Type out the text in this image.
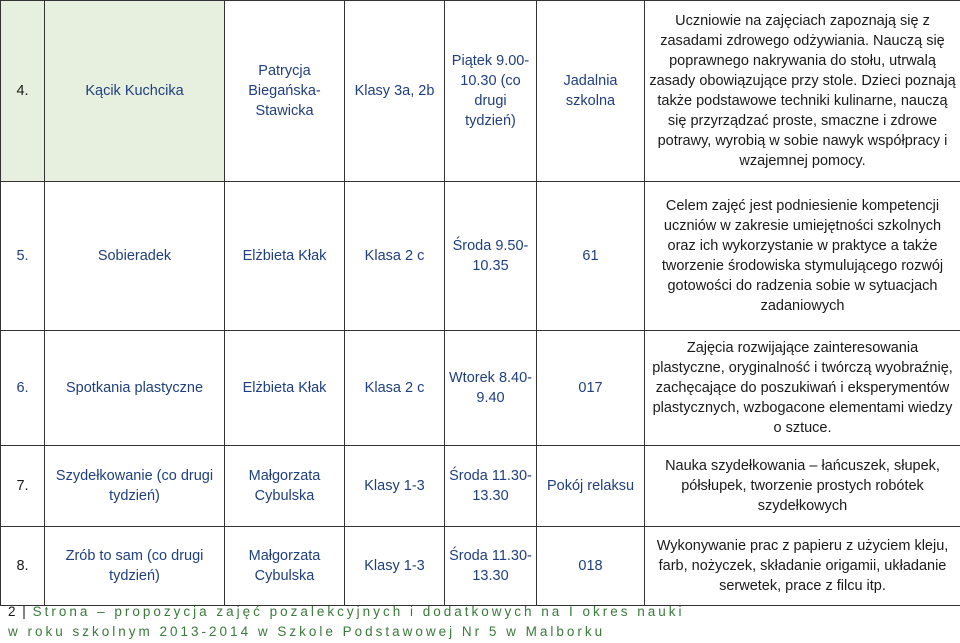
4.	Kącik Kuchcika	Patrycja Biegańska-Stawicka	Klasy 3a, 2b	Piątek 9.00-10.30 (co drugi tydzień)	Jadalnia szkolna	Uczniowie na zajęciach zapoznają się z zasadami zdrowego odżywiania. Nauczą się poprawnego nakrywania do stołu, utrwalą zasady obowiązujące przy stole. Dzieci poznają także podstawowe techniki kulinarne, nauczą się przyrządzać proste, smaczne i zdrowe potrawy, wyrobią w sobie nawyk współpracy i wzajemnej pomocy.
5.	Sobieradek	Elżbieta Kłak	Klasa 2 c	Środa 9.50-10.35	61	Celem zajęć jest podniesienie kompetencji uczniów w zakresie umiejętności szkolnych oraz ich wykorzystanie w praktyce a także tworzenie środowiska stymulującego rozwój gotowości do radzenia sobie w sytuacjach zadaniowych
6.	Spotkania plastyczne	Elżbieta Kłak	Klasa 2 c	Wtorek 8.40-9.40	017	Zajęcia rozwijające zainteresowania plastyczne, oryginalność i twórczą wyobraźnię, zachęcające do poszukiwań i eksperymentów plastycznych, wzbogacone elementami wiedzy o sztuce.
7.	Szydełkowanie (co drugi tydzień)	Małgorzata Cybulska	Klasy 1-3	Środa 11.30-13.30	Pokój relaksu	Nauka szydełkowania – łańcuszek, słupek, półsłupek, tworzenie prostych robótek szydełkowych
8.	Zrób to sam (co drugi tydzień)	Małgorzata Cybulska	Klasy 1-3	Środa 11.30-13.30	018	Wykonywanie prac z papieru z użyciem kleju, farb, nożyczek, składanie origamii, układanie serwetek, prace z filcu itp.
2 | Strona – propozycja zajęć pozalekcyjnych i dodatkowych na I okres nauki
w roku szkolnym 2013-2014 w Szkole Podstawowej Nr 5 w Malborku
